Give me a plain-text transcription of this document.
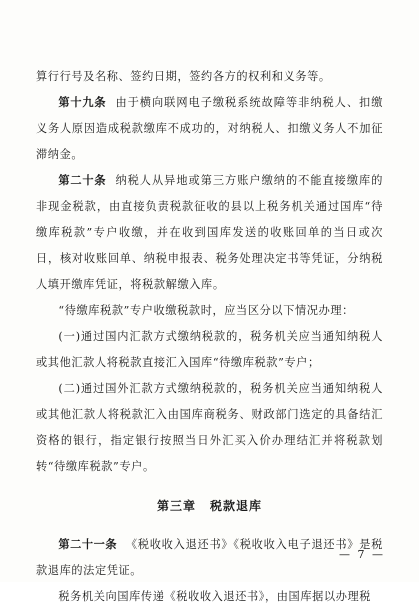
算行行号及名称、签约日期，签约各方的权利和义务等。

第十九条 由于横向联网电子缴税系统故障等非纳税人、扣缴义务人原因造成税款缴库不成功的，对纳税人、扣缴义务人不加征滞纳金。

第二十条 纳税人从异地或第三方账户缴纳的不能直接缴库的非现金税款，由直接负责税款征收的县以上税务机关通过国库“待缴库税款”专户收缴，并在收到国库发送的收账回单的当日或次日，核对收账回单、纳税申报表、税务处理决定书等凭证，分纳税人填开缴库凭证，将税款解缴入库。

“待缴库税款”专户收缴税款时，应当区分以下情况办理：

(一)通过国内汇款方式缴纳税款的，税务机关应当通知纳税人或其他汇款人将税款直接汇入国库“待缴库税款”专户；

(二)通过国外汇款方式缴纳税款的，税务机关应当通知纳税人或其他汇款人将税款汇入由国库商税务、财政部门选定的具备结汇资格的银行，指定银行按照当日外汇买入价办理结汇并将税款划转“待缴库税款”专户。

第三章 税款退库

第二十一条 《税收收入退还书》《税收收入电子退还书》是税款退库的法定凭证。

税务机关向国库传递《税收收入退还书》，由国库据以办理税

— 7 —
